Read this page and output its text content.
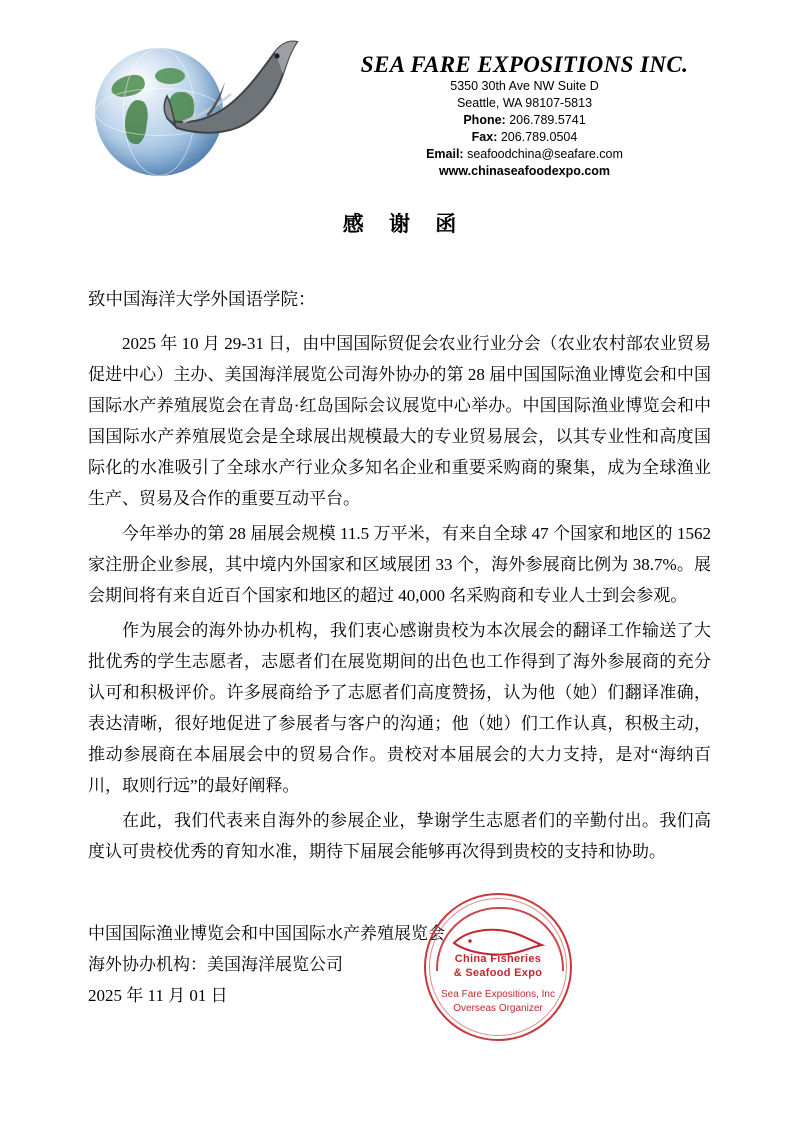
SEA FARE EXPOSITIONS INC.
5350 30th Ave NW Suite D
Seattle, WA 98107-5813
Phone: 206.789.5741
Fax: 206.789.0504
Email: seafoodchina@seafare.com
www.chinaseafoodexpo.com
感 谢 函
致中国海洋大学外国语学院：

2025 年 10 月 29-31 日，由中国国际贸促会农业行业分会（农业农村部农业贸易促进中心）主办、美国海洋展览公司海外协办的第 28 届中国国际渔业博览会和中国国际水产养殖展览会在青岛·红岛国际会议展览中心举办。中国国际渔业博览会和中国国际水产养殖展览会是全球展出规模最大的专业贸易展会，以其专业性和高度国际化的水准吸引了全球水产行业众多知名企业和重要采购商的聚集，成为全球渔业生产、贸易及合作的重要互动平台。

今年举办的第 28 届展会规模 11.5 万平米，有来自全球 47 个国家和地区的 1562 家注册企业参展，其中境内外国家和区域展团 33 个，海外参展商比例为 38.7%。展会期间将有来自近百个国家和地区的超过 40,000 名采购商和专业人士到会参观。

作为展会的海外协办机构，我们衷心感谢贵校为本次展会的翻译工作输送了大批优秀的学生志愿者，志愿者们在展览期间的出色也工作得到了海外参展商的充分认可和积极评价。许多展商给予了志愿者们高度赞扬，认为他（她）们翻译准确，表达清晰，很好地促进了参展者与客户的沟通；他（她）们工作认真，积极主动，推动参展商在本届展会中的贸易合作。贵校对本届展会的大力支持，是对“海纳百川，取则行远”的最好阐释。

在此，我们代表来自海外的参展企业，挚谢学生志愿者们的辛勤付出。我们高度认可贵校优秀的育知水准，期待下届展会能够再次得到贵校的支持和协助。

中国国际渔业博览会和中国国际水产养殖展览会
海外协办机构：美国海洋展览公司
2025 年 11 月 01 日
China Fisheries
& Seafood Expo
Sea Fare Expositions, Inc
Overseas Organizer
